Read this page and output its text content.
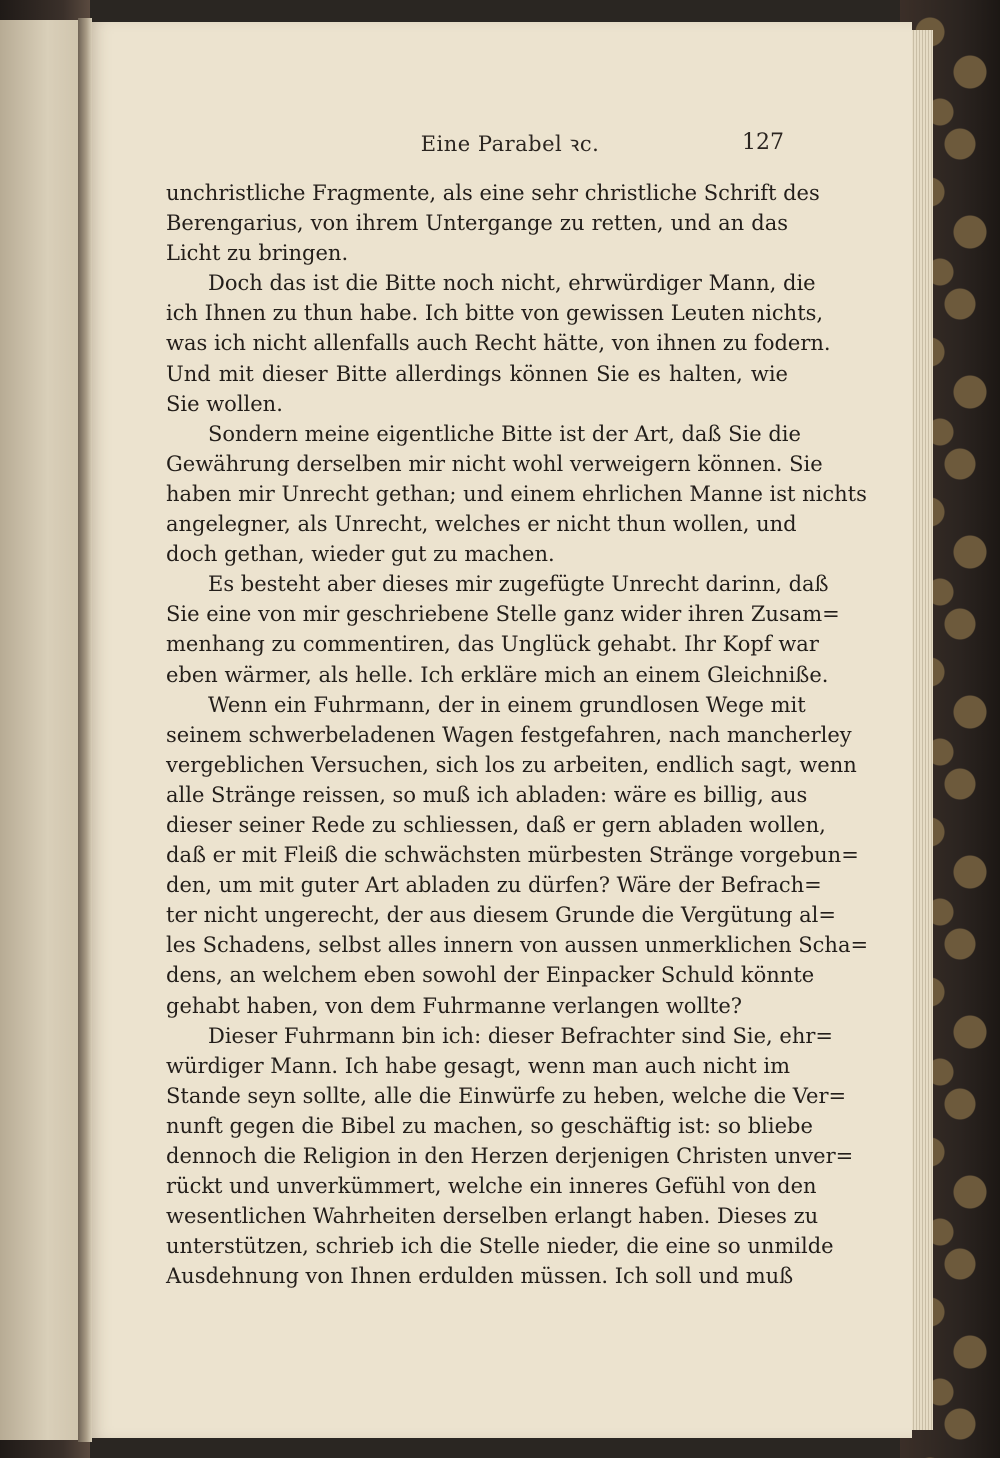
Eine Parabel ꝛc.	127
unchristliche Fragmente, als eine sehr christliche Schrift des
Berengarius, von ihrem Untergange zu retten, und an das
Licht zu bringen.
Doch das ist die Bitte noch nicht, ehrwürdiger Mann, die
ich Ihnen zu thun habe. Ich bitte von gewissen Leuten nichts,
was ich nicht allenfalls auch Recht hätte, von ihnen zu fodern.
Und mit dieser Bitte allerdings können Sie es halten, wie
Sie wollen.
Sondern meine eigentliche Bitte ist der Art, daß Sie die
Gewährung derselben mir nicht wohl verweigern können. Sie
haben mir Unrecht gethan; und einem ehrlichen Manne ist nichts
angelegner, als Unrecht, welches er nicht thun wollen, und
doch gethan, wieder gut zu machen.
Es besteht aber dieses mir zugefügte Unrecht darinn, daß
Sie eine von mir geschriebene Stelle ganz wider ihren Zusam=
menhang zu commentiren, das Unglück gehabt. Ihr Kopf war
eben wärmer, als helle. Ich erkläre mich an einem Gleichniße.
Wenn ein Fuhrmann, der in einem grundlosen Wege mit
seinem schwerbeladenen Wagen festgefahren, nach mancherley
vergeblichen Versuchen, sich los zu arbeiten, endlich sagt, wenn
alle Stränge reissen, so muß ich abladen: wäre es billig, aus
dieser seiner Rede zu schliessen, daß er gern abladen wollen,
daß er mit Fleiß die schwächsten mürbesten Stränge vorgebun=
den, um mit guter Art abladen zu dürfen? Wäre der Befrach=
ter nicht ungerecht, der aus diesem Grunde die Vergütung al=
les Schadens, selbst alles innern von aussen unmerklichen Scha=
dens, an welchem eben sowohl der Einpacker Schuld könnte
gehabt haben, von dem Fuhrmanne verlangen wollte?
Dieser Fuhrmann bin ich: dieser Befrachter sind Sie, ehr=
würdiger Mann. Ich habe gesagt, wenn man auch nicht im
Stande seyn sollte, alle die Einwürfe zu heben, welche die Ver=
nunft gegen die Bibel zu machen, so geschäftig ist: so bliebe
dennoch die Religion in den Herzen derjenigen Christen unver=
rückt und unverkümmert, welche ein inneres Gefühl von den
wesentlichen Wahrheiten derselben erlangt haben. Dieses zu
unterstützen, schrieb ich die Stelle nieder, die eine so unmilde
Ausdehnung von Ihnen erdulden müssen. Ich soll und muß
